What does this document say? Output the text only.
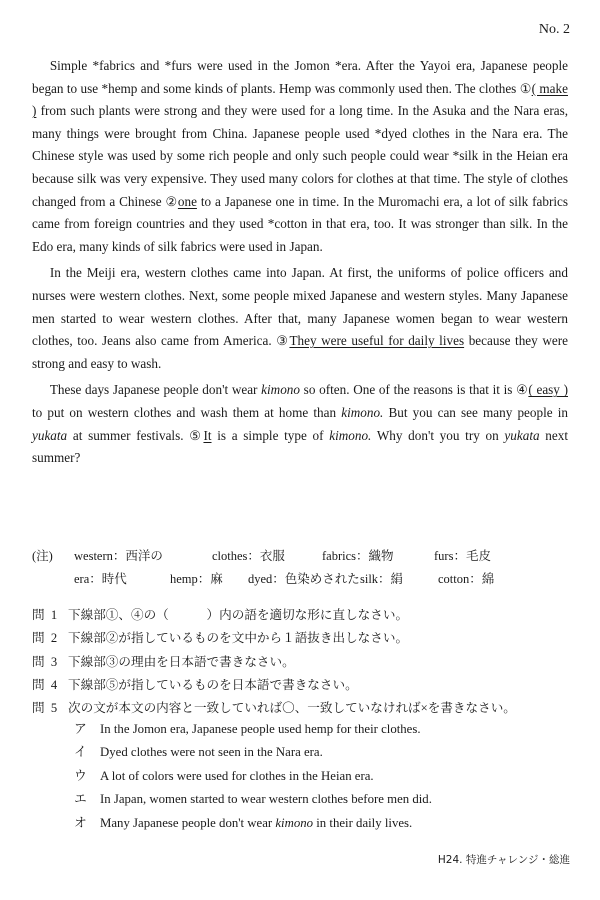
No. 2

Simple *fabrics and *furs were used in the Jomon *era. After the Yayoi era, Japanese people began to use *hemp and some kinds of plants. Hemp was commonly used then. The clothes ①( make ) from such plants were strong and they were used for a long time. In the Asuka and the Nara eras, many things were brought from China. Japanese people used *dyed clothes in the Nara era. The Chinese style was used by some rich people and only such people could wear *silk in the Heian era because silk was very expensive. They used many colors for clothes at that time. The style of clothes changed from a Chinese ②one to a Japanese one in time. In the Muromachi era, a lot of silk fabrics came from foreign countries and they used *cotton in that era, too. It was stronger than silk. In the Edo era, many kinds of silk fabrics were used in Japan.

In the Meiji era, western clothes came into Japan. At first, the uniforms of police officers and nurses were western clothes. Next, some people mixed Japanese and western styles. Many Japanese men started to wear western clothes. After that, many Japanese women began to wear western clothes, too. Jeans also came from America. ③They were useful for daily lives because they were strong and easy to wash.

These days Japanese people don't wear kimono so often. One of the reasons is that it is ④( easy ) to put on western clothes and wash them at home than kimono. But you can see many people in yukata at summer festivals. ⑤It is a simple type of kimono. Why don't you try on yukata next summer?

(注)	western：西洋の	clothes：衣服	fabrics：織物	furs：毛皮
era：時代	hemp：麻	dyed：色染めされた silk：絹	cotton：綿
問 1 下線部①、④の（　　　）内の語を適切な形に直しなさい。
問 2 下線部②が指しているものを文中から１語抜き出しなさい。
問 3 下線部③の理由を日本語で書きなさい。
問 4 下線部⑤が指しているものを日本語で書きなさい。
問 5 次の文が本文の内容と一致していれば〇、一致していなければ×を書きなさい。
ア	In the Jomon era, Japanese people used hemp for their clothes.
イ	Dyed clothes were not seen in the Nara era.
ウ	A lot of colors were used for clothes in the Heian era.
エ	In Japan, women started to wear western clothes before men did.
オ	Many Japanese people don't wear kimono in their daily lives.
H24. 特進チャレンジ・総進
